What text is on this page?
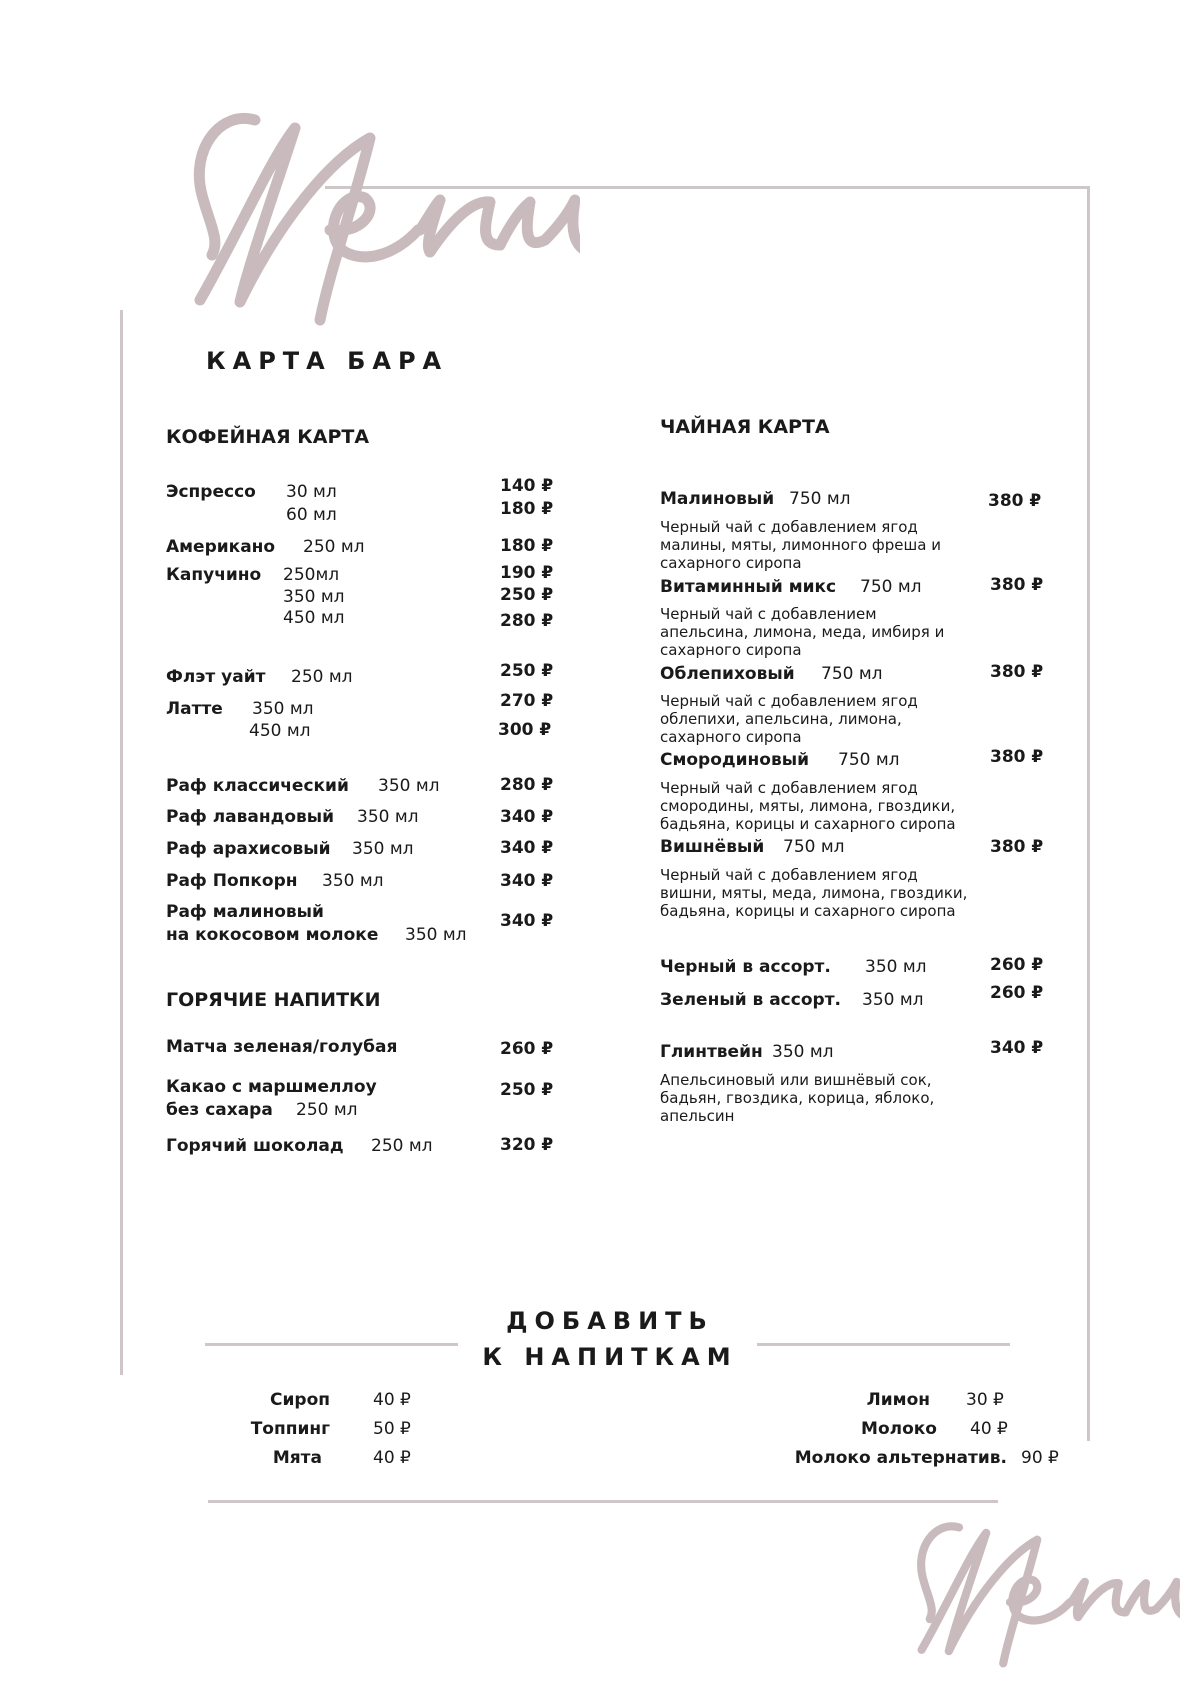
Menu
Menu
КАРТА БАРА
КОФЕЙНАЯ КАРТА
Эспрессо 30 мл	140 ₽
60 мл	180 ₽
Американо 250 мл	180 ₽
Капучино 250мл	190 ₽
350 мл	250 ₽
450 мл	280 ₽
Флэт уайт 250 мл	250 ₽
Латте 350 мл	270 ₽
450 мл	300 ₽
Раф классический 350 мл	280 ₽
Раф лавандовый 350 мл	340 ₽
Раф арахисовый 350 мл	340 ₽
Раф Попкорн 350 мл	340 ₽
Раф малиновый	340 ₽
на кокосовом молоке 350 мл
ГОРЯЧИЕ НАПИТКИ
Матча зеленая/голубая	260 ₽
Какао с маршмеллоу	250 ₽
без сахара 250 мл
Горячий шоколад 250 мл	320 ₽
ЧАЙНАЯ КАРТА
Малиновый 750 мл	380 ₽
Черный чай с добавлением ягод
малины, мяты, лимонного фреша и
сахарного сиропа
Витаминный микс 750 мл	380 ₽
Черный чай с добавлением
апельсина, лимона, меда, имбиря и
сахарного сиропа
Облепиховый 750 мл	380 ₽
Черный чай с добавлением ягод
облепихи, апельсина, лимона,
сахарного сиропа
Смородиновый 750 мл	380 ₽
Черный чай с добавлением ягод
смородины, мяты, лимона, гвоздики,
бадьяна, корицы и сахарного сиропа
Вишнёвый 750 мл	380 ₽
Черный чай с добавлением ягод
вишни, мяты, меда, лимона, гвоздики,
бадьяна, корицы и сахарного сиропа
Черный в ассорт. 350 мл	260 ₽
Зеленый в ассорт. 350 мл	260 ₽
Глинтвейн 350 мл	340 ₽
Апельсиновый или вишнёвый сок,
бадьян, гвоздика, корица, яблоко,
апельсин
ДОБАВИТЬ
К НАПИТКАМ
Сироп	40 ₽
Топпинг	50 ₽
Мята	40 ₽
Лимон 30 ₽
Молоко 40 ₽
Молоко альтернатив. 90 ₽
